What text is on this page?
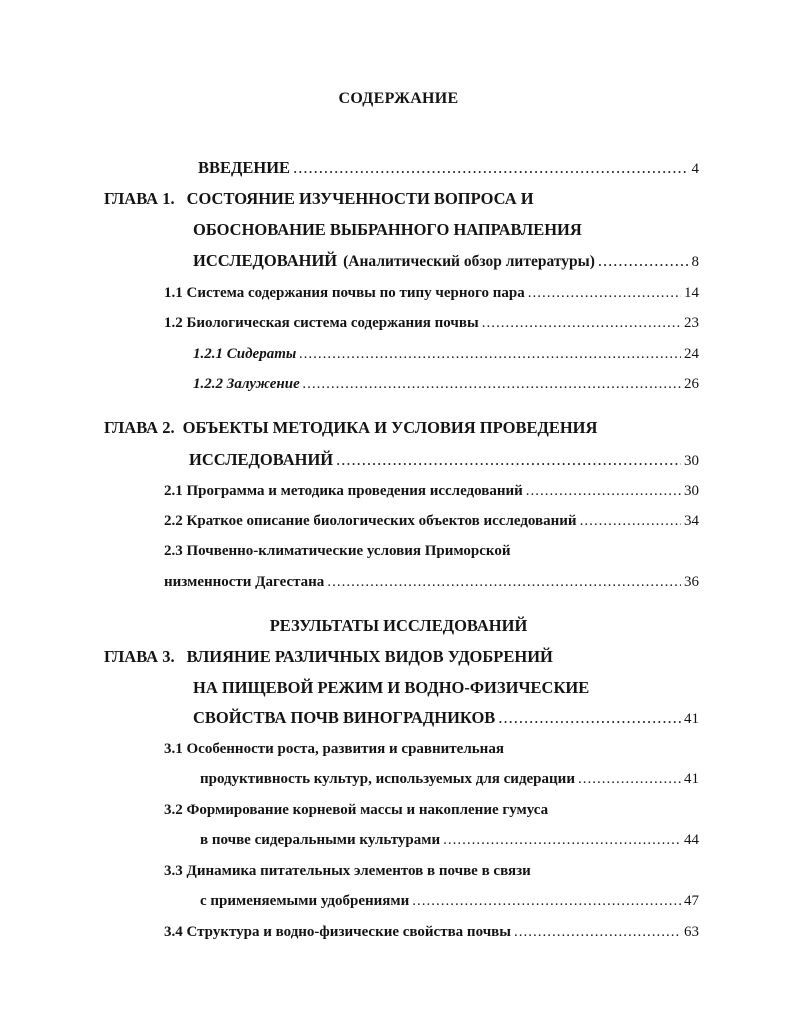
СОДЕРЖАНИЕ
ВВЕДЕНИЕ .....	4
ГЛАВА 1. СОСТОЯНИЕ ИЗУЧЕННОСТИ ВОПРОСА И
ОБОСНОВАНИЕ ВЫБРАННОГО НАПРАВЛЕНИЯ
ИССЛЕДОВАНИЙ (Аналитический обзор литературы) .....	8
1.1 Система содержания почвы по типу черного пара .....	14
1.2 Биологическая система содержания почвы .....	23
1.2.1 Сидераты .....	24
1.2.2 Залужение .....	26
ГЛАВА 2. ОБЪЕКТЫ МЕТОДИКА И УСЛОВИЯ ПРОВЕДЕНИЯ
ИССЛЕДОВАНИЙ .....	30
2.1 Программа и методика проведения исследований .....	30
2.2 Краткое описание биологических объектов исследований .....	34
2.3 Почвенно-климатические условия Приморской
низменности Дагестана .....	36
РЕЗУЛЬТАТЫ ИССЛЕДОВАНИЙ
ГЛАВА 3. ВЛИЯНИЕ РАЗЛИЧНЫХ ВИДОВ УДОБРЕНИЙ
НА ПИЩЕВОЙ РЕЖИМ И ВОДНО-ФИЗИЧЕСКИЕ
СВОЙСТВА ПОЧВ ВИНОГРАДНИКОВ .....	41
3.1 Особенности роста, развития и сравнительная
продуктивность культур, используемых для сидерации .....	41
3.2 Формирование корневой массы и накопление гумуса
в почве сидеральными культурами .....	44
3.3 Динамика питательных элементов в почве в связи
с применяемыми удобрениями .....	47
3.4 Структура и водно-физические свойства почвы .....	63
